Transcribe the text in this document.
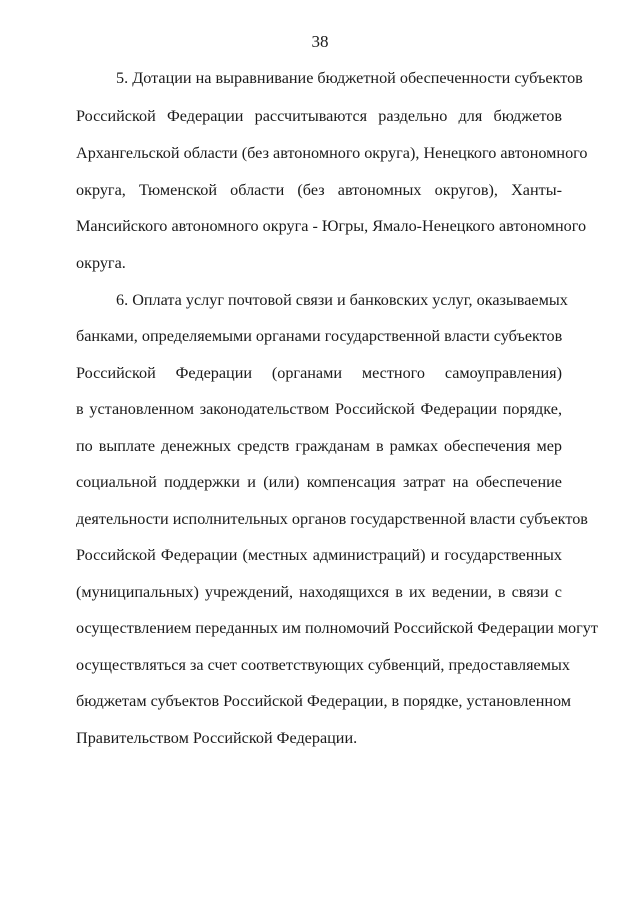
38
5. Дотации на выравнивание бюджетной обеспеченности субъектов
Российской Федерации рассчитываются раздельно для бюджетов
Архангельской области (без автономного округа), Ненецкого автономного
округа, Тюменской области (без автономных округов), Ханты-
Мансийского автономного округа - Югры, Ямало-Ненецкого автономного
округа.
6. Оплата услуг почтовой связи и банковских услуг, оказываемых
банками, определяемыми органами государственной власти субъектов
Российской Федерации (органами местного самоуправления)
в установленном законодательством Российской Федерации порядке,
по выплате денежных средств гражданам в рамках обеспечения мер
социальной поддержки и (или) компенсация затрат на обеспечение
деятельности исполнительных органов государственной власти субъектов
Российской Федерации (местных администраций) и государственных
(муниципальных) учреждений, находящихся в их ведении, в связи с
осуществлением переданных им полномочий Российской Федерации могут
осуществляться за счет соответствующих субвенций, предоставляемых
бюджетам субъектов Российской Федерации, в порядке, установленном
Правительством Российской Федерации.
